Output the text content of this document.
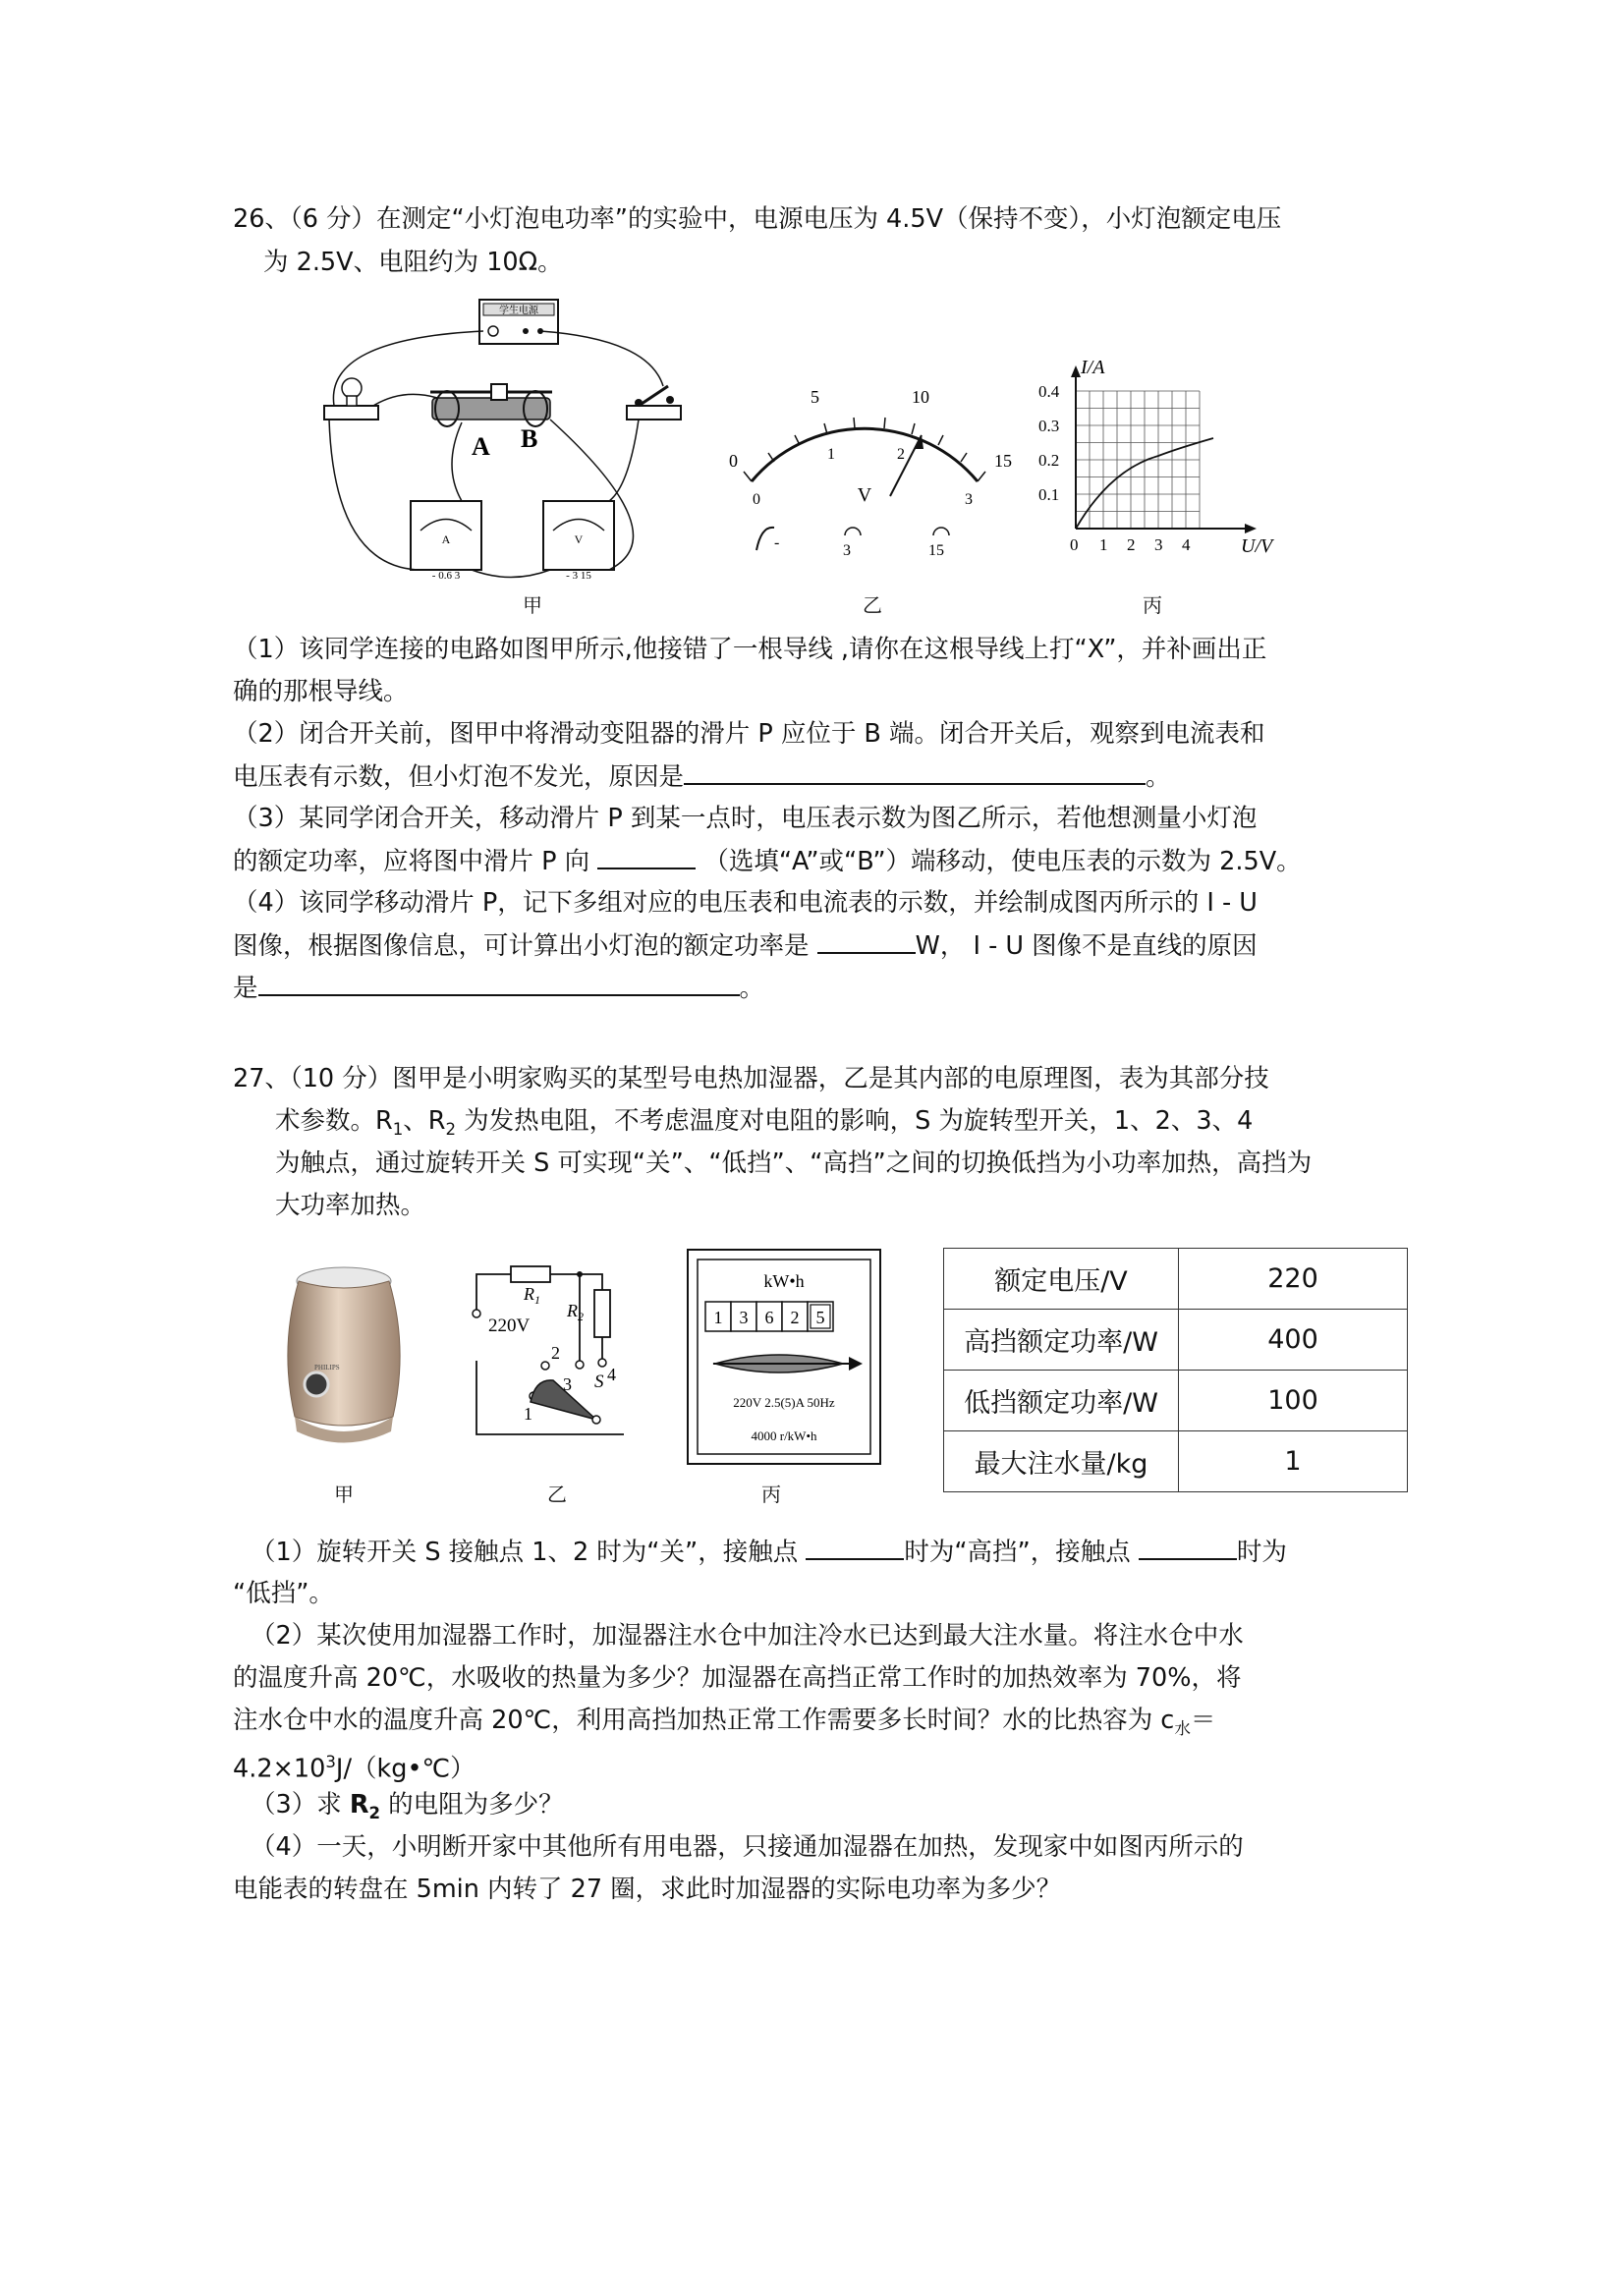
26、（6 分）在测定“小灯泡电功率”的实验中，电源电压为 4.5V（保持不变），小灯泡额定电压
为 2.5V、电阻约为 10Ω。
学生电源
A B
A
- 0.6 3
V
- 3 15
甲
0
5	10
15
0
1	2
3
V
-	3	15
乙
I/A
U/V
0.4
0.3
0.2
0.1
0 1 2 3 4
丙
（1）该同学连接的电路如图甲所示,他接错了一根导线 ,请你在这根导线上打“X”，并补画出正
确的那根导线。
（2）闭合开关前，图甲中将滑动变阻器的滑片 P 应位于 B 端。闭合开关后，观察到电流表和
电压表有示数，但小灯泡不发光，原因是	。
（3）某同学闭合开关，移动滑片 P 到某一点时，电压表示数为图乙所示，若他想测量小灯泡
的额定功率，应将图中滑片 P 向	（选填“A”或“B”）端移动，使电压表的示数为 2.5V。
（4）该同学移动滑片 P，记下多组对应的电压表和电流表的示数，并绘制成图丙所示的 I - U
图像，根据图像信息，可计算出小灯泡的额定功率是	W， I - U 图像不是直线的原因
是	。
27、（10 分）图甲是小明家购买的某型号电热加湿器，乙是其内部的电原理图，表为其部分技
术参数。$R_1$、$R_2$ 为发热电阻，不考虑温度对电阻的影响，S 为旋转型开关，1、2、3、4
为触点，通过旋转开关 S 可实现“关”、“低挡”、“高挡”之间的切换低挡为小功率加热，高挡为
大功率加热。
PHILIPS
甲
220V
$R_1$
$R_2$
2
3 4
1
S
乙
kW•h
1 3 6 2 5
220V 2.5(5)A 50Hz
4000 r/kW•h
丙
额定电压/V	220
高挡额定功率/W	400
低挡额定功率/W	100
最大注水量/kg	1
（1）旋转开关 S 接触点 1、2 时为“关”，接触点	时为“高挡”，接触点	时为
“低挡”。
（2）某次使用加湿器工作时，加湿器注水仓中加注冷水已达到最大注水量。将注水仓中水
的温度升高 20℃，水吸收的热量为多少？加湿器在高挡正常工作时的加热效率为 70%，将
注水仓中水的温度升高 20℃，利用高挡加热正常工作需要多长时间？水的比热容为 $c_水=$
$4.2\times 10^3J/(kg•℃)$
（3）求 $R_2$ 的电阻为多少？
（4）一天，小明断开家中其他所有用电器，只接通加湿器在加热，发现家中如图丙所示的
电能表的转盘在 5min 内转了 27 圈，求此时加湿器的实际电功率为多少？
